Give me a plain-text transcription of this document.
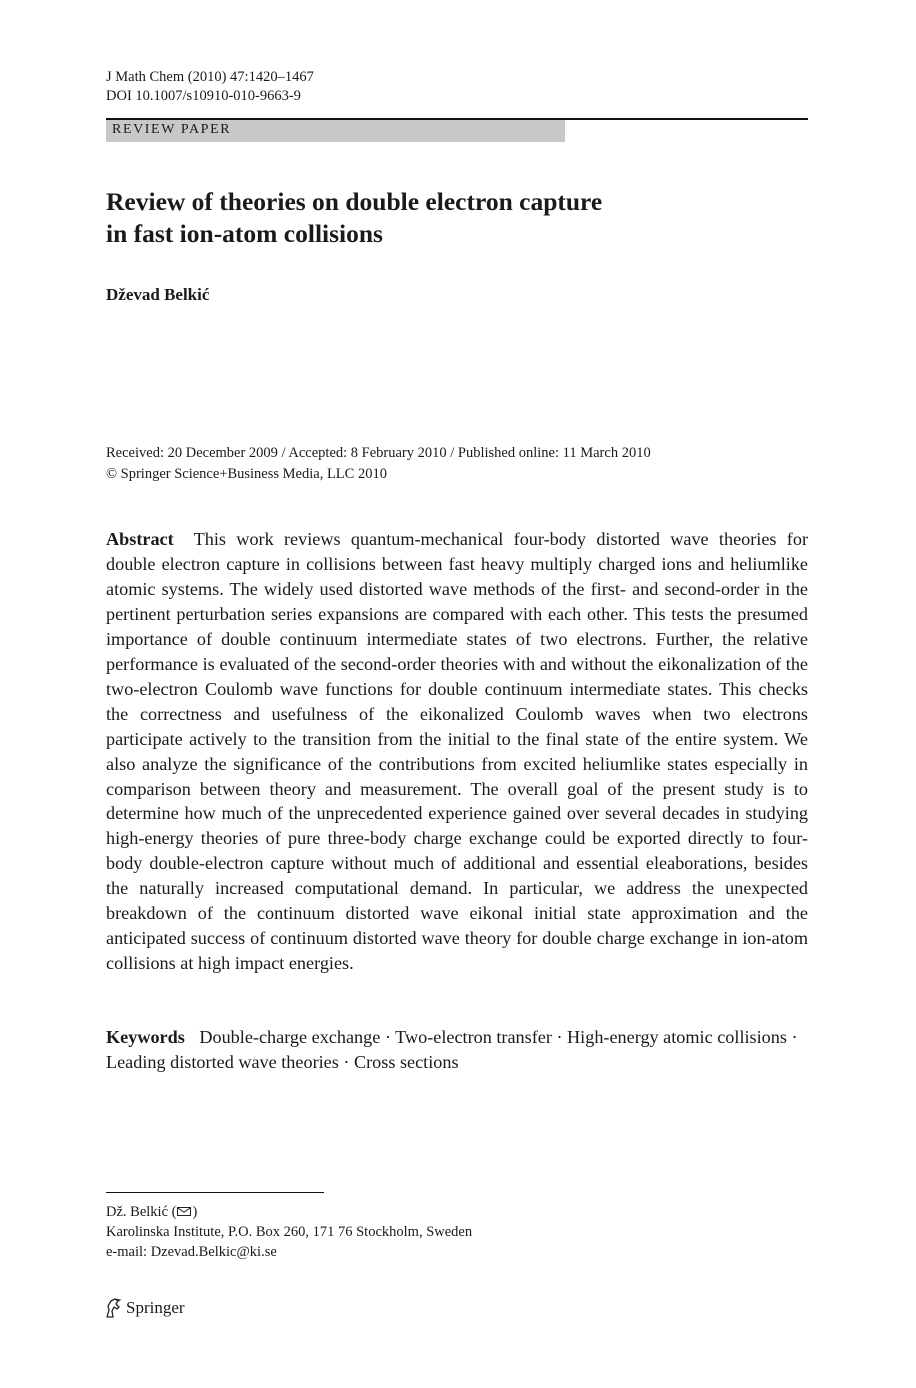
J Math Chem (2010) 47:1420–1467
DOI 10.1007/s10910-010-9663-9
REVIEW PAPER
Review of theories on double electron capture
in fast ion-atom collisions
Dževad Belkić
Received: 20 December 2009 / Accepted: 8 February 2010 / Published online: 11 March 2010
© Springer Science+Business Media, LLC 2010
Abstract This work reviews quantum-mechanical four-body distorted wave theories for double electron capture in collisions between fast heavy multiply charged ions and heliumlike atomic systems. The widely used distorted wave methods of the first- and second-order in the pertinent perturbation series expansions are compared with each other. This tests the presumed importance of double continuum intermediate states of two electrons. Further, the relative performance is evaluated of the second-order theories with and without the eikonalization of the two-electron Coulomb wave functions for double continuum intermediate states. This checks the correctness and usefulness of the eikonalized Coulomb waves when two electrons participate actively to the transition from the initial to the final state of the entire system. We also analyze the significance of the contributions from excited heliumlike states especially in comparison between theory and measurement. The overall goal of the present study is to determine how much of the unprecedented experience gained over several decades in studying high-energy theories of pure three-body charge exchange could be exported directly to four-body double-electron capture without much of additional and essential eleaborations, besides the naturally increased computational demand. In particular, we address the unexpected breakdown of the continuum distorted wave eikonal initial state approximation and the anticipated success of continuum distorted wave theory for double charge exchange in ion-atom collisions at high impact energies.
Keywords Double-charge exchange · Two-electron transfer · High-energy atomic collisions · Leading distorted wave theories · Cross sections
Dž. Belkić ( )
Karolinska Institute, P.O. Box 260, 171 76 Stockholm, Sweden
e-mail: Dzevad.Belkic@ki.se
Springer
